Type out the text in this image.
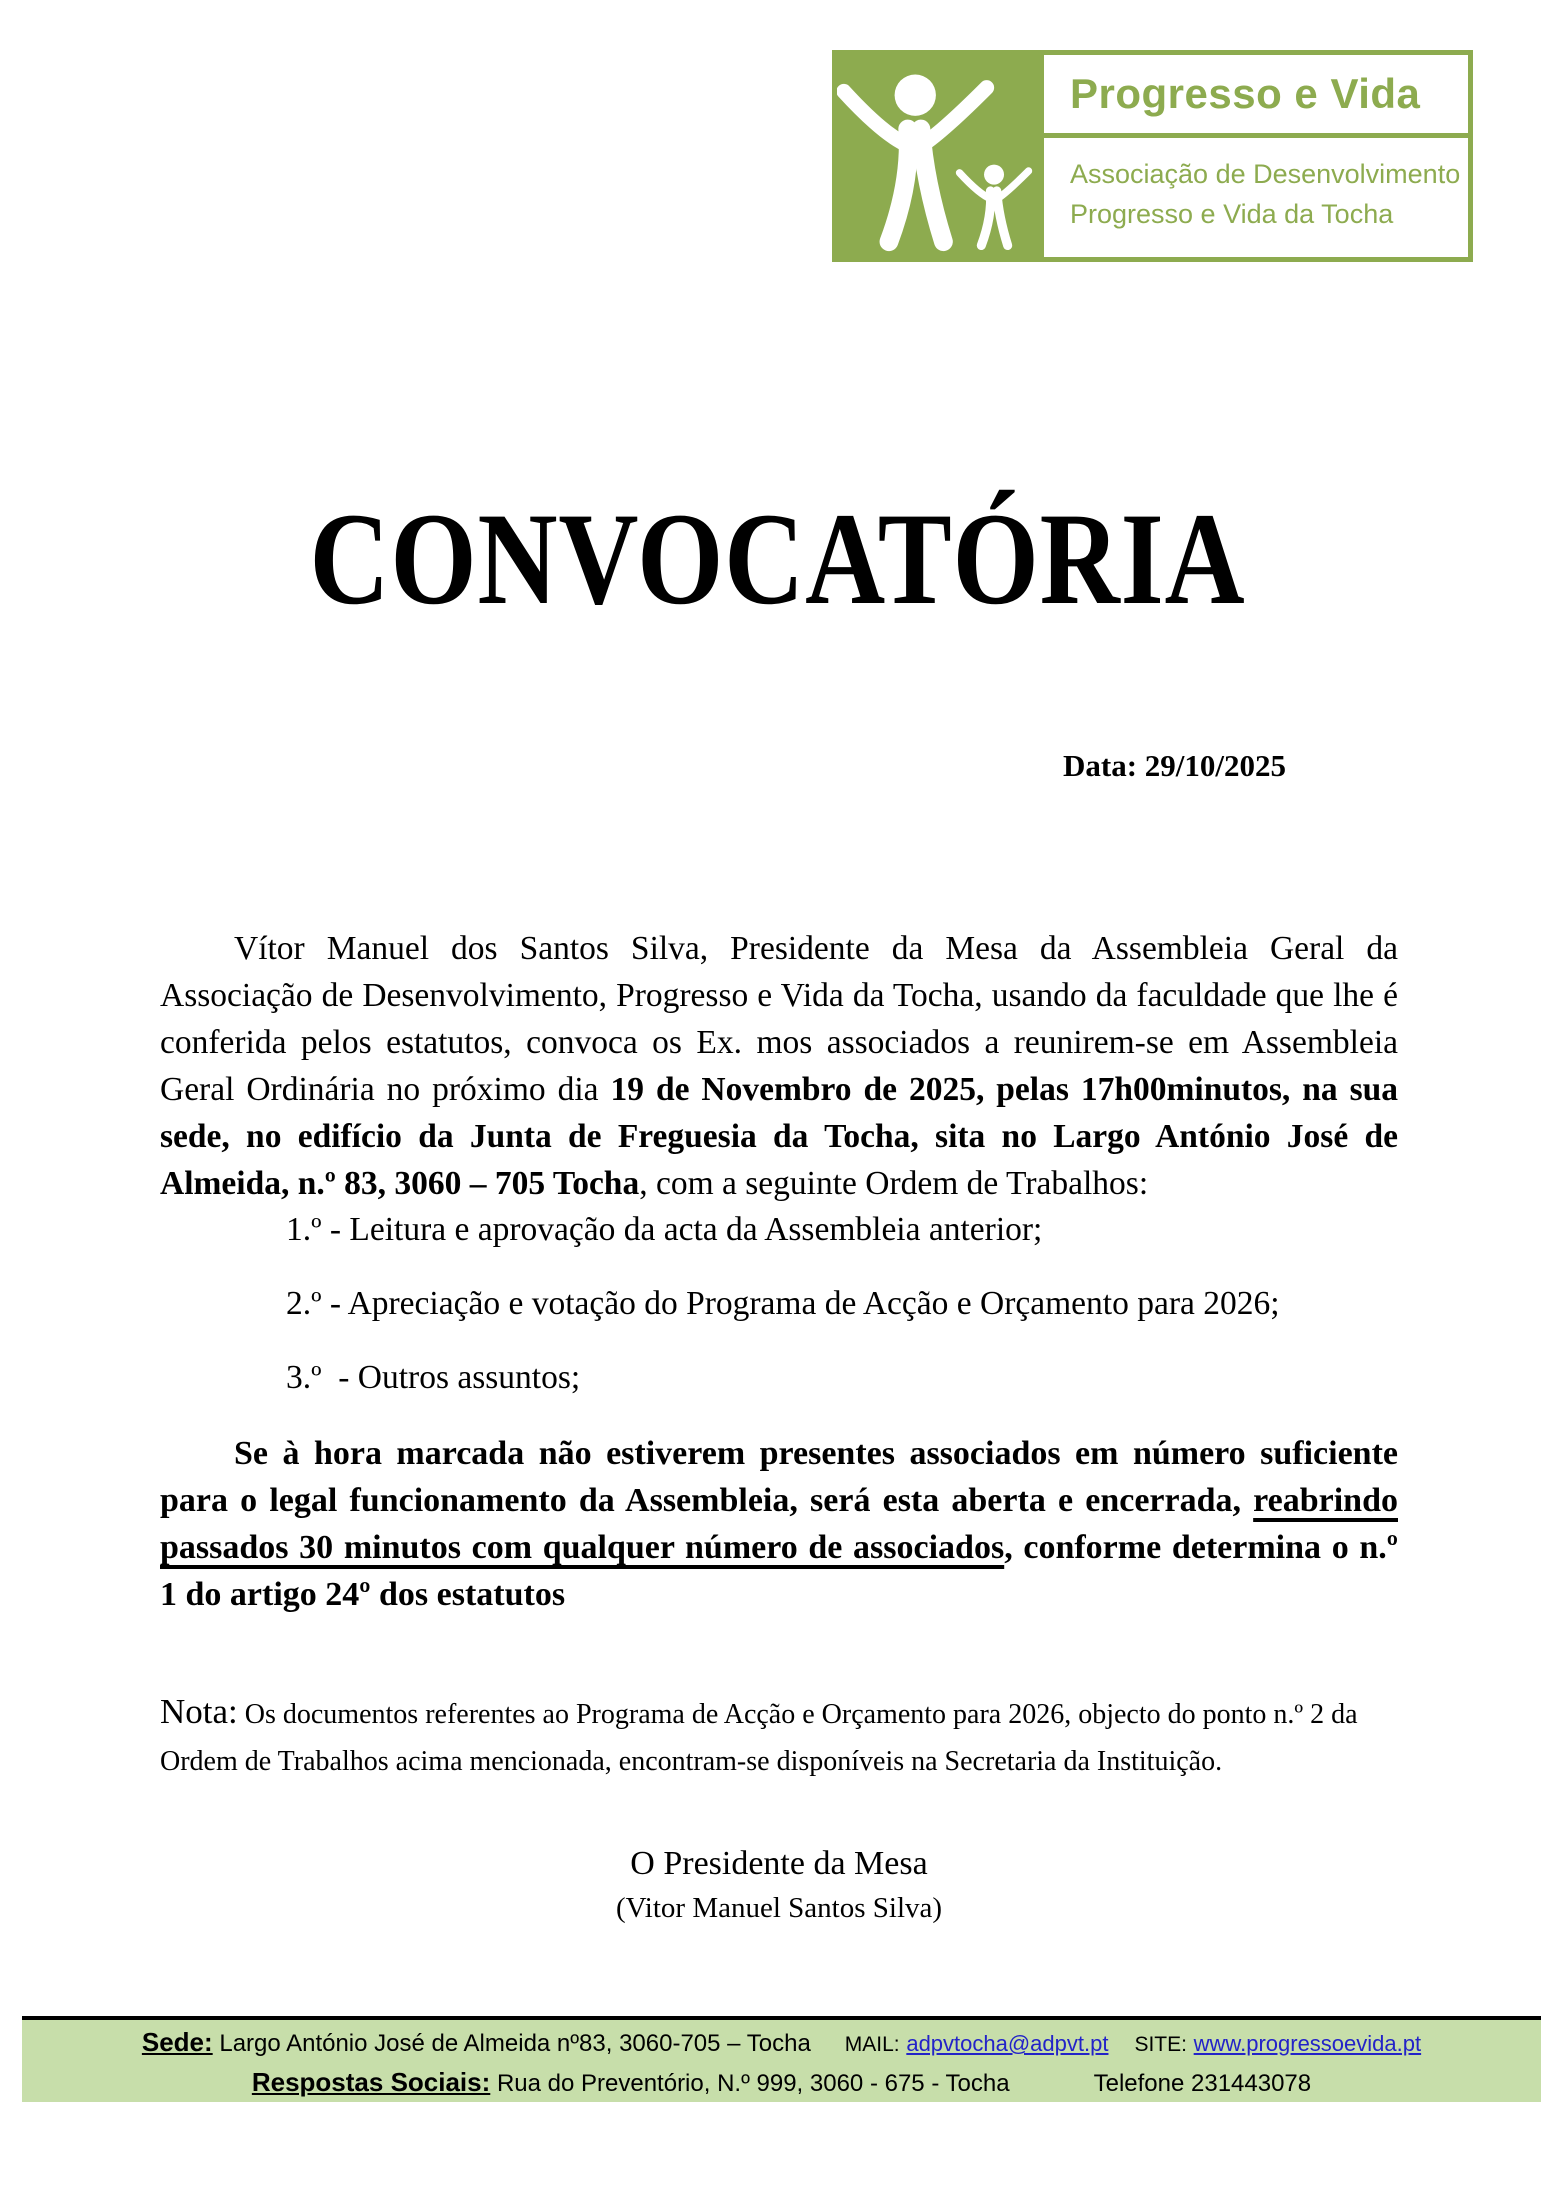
Progresso e Vida
Associação de Desenvolvimento
Progresso e Vida da Tocha
CONVOCATÓRIA
Data: 29/10/2025

Vítor Manuel dos Santos Silva, Presidente da Mesa da Assembleia Geral da Associação de Desenvolvimento, Progresso e Vida da Tocha, usando da faculdade que lhe é conferida pelos estatutos, convoca os Ex. mos associados a reunirem-se em Assembleia Geral Ordinária no próximo dia 19 de Novembro de 2025, pelas 17h00minutos, na sua sede, no edifício da Junta de Freguesia da Tocha, sita no Largo António José de Almeida, n.º 83, 3060 – 705 Tocha, com a seguinte Ordem de Trabalhos:

1.º - Leitura e aprovação da acta da Assembleia anterior;
2.º - Apreciação e votação do Programa de Acção e Orçamento para 2026;
3.º  - Outros assuntos;

Se à hora marcada não estiverem presentes associados em número suficiente para o legal funcionamento da Assembleia, será esta aberta e encerrada, reabrindo passados 30 minutos com qualquer número de associados, conforme determina o n.º 1 do artigo 24º dos estatutos

Nota: Os documentos referentes ao Programa de Acção e Orçamento para 2026, objecto do ponto n.º 2 da Ordem de Trabalhos acima mencionada, encontram-se disponíveis na Secretaria da Instituição.

O Presidente da Mesa
(Vitor Manuel Santos Silva)
Sede: Largo António José de Almeida nº83, 3060-705 – Tocha MAIL: adpvtocha@adpvt.pt SITE: www.progressoevida.pt
Respostas Sociais: Rua do Preventório, N.º 999, 3060 - 675 - Tocha	Telefone 231443078
